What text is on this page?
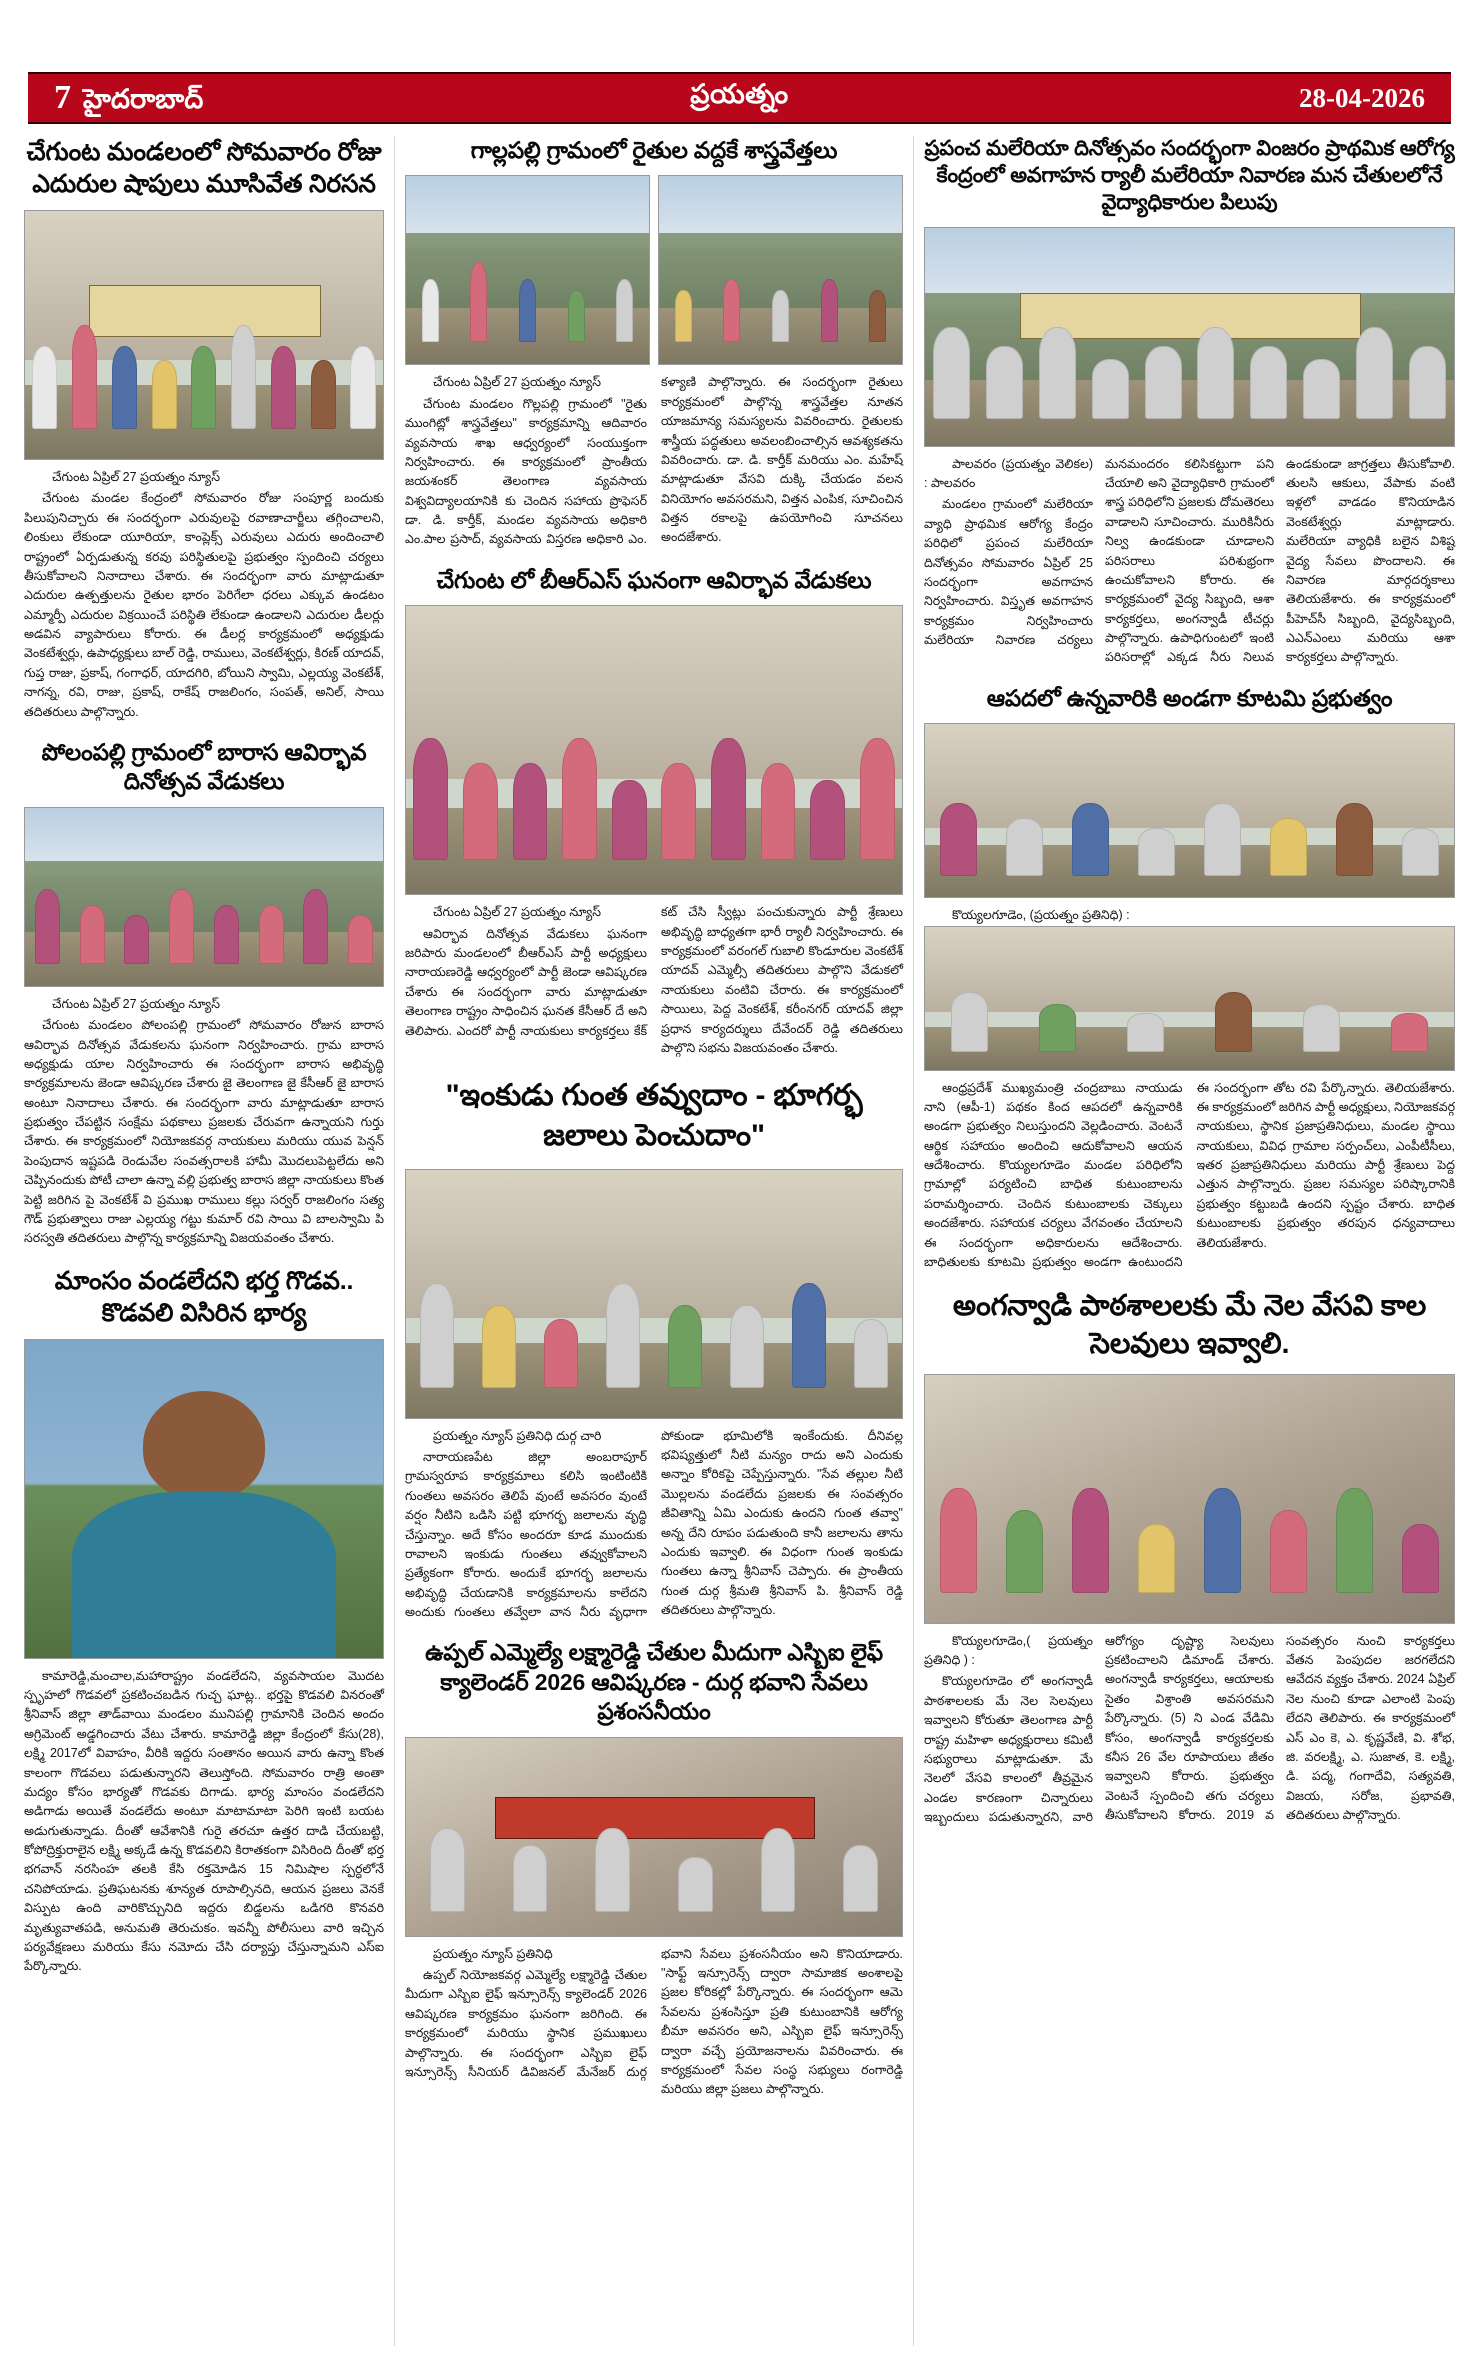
7 హైదరాబాద్	ప్రయత్నం	28-04-2026
చేగుంట మండలంలో సోమవారం రోజు ఎదురుల షాపులు మూసివేత నిరసన

చేగుంట ఏప్రిల్ 27 ప్రయత్నం న్యూస్

చేగుంట మండల కేంద్రంలో సోమవారం రోజు సంపూర్ణ బందుకు పిలుపునిచ్చారు ఈ సందర్భంగా ఎరువులపై రవాణాచార్జీలు తగ్గించాలని, లింకులు లేకుండా యూరియా, కాంప్లెక్స్ ఎరువులు ఎదురు అందించాలి రాష్ట్రంలో ఏర్పడుతున్న కరవు పరిస్థితులపై ప్రభుత్వం స్పందించి చర్యలు తీసుకోవాలని నినాదాలు చేశారు. ఈ సందర్భంగా వారు మాట్లాడుతూ ఎదురుల ఉత్పత్తులను రైతుల భారం పెరిగేలా ధరలు ఎక్కువ ఉండటం ఎమ్మార్పీ ఎదురుల విక్రయించే పరిస్థితి లేకుండా ఉండాలని ఎదురుల డీలర్లు అడవిన వ్యాపారులు కోరారు. ఈ డీలర్ల కార్యక్రమంలో అధ్యక్షుడు వెంకటేశ్వర్లు, ఉపాధ్యక్షులు బాల్ రెడ్డి, రాములు, వెంకటేశ్వర్లు, కిరణ్ యాదవ్, గుప్త రాజు, ప్రకాష్, గంగాధర్, యాదగిరి, బోయిని స్వామి, ఎల్లయ్య వెంకటేశ్, నాగన్న, రవి, రాజు, ప్రకాష్, రాకేష్ రాజలింగం, సంపత్, అనిల్, సాయి తదితరులు పాల్గొన్నారు.

పోలంపల్లి గ్రామంలో బారాస ఆవిర్భావ దినోత్సవ వేడుకలు

చేగుంట ఏప్రిల్ 27 ప్రయత్నం న్యూస్

చేగుంట మండలం పోలంపల్లి గ్రామంలో సోమవారం రోజున బారాస ఆవిర్భావ దినోత్సవ వేడుకలను ఘనంగా నిర్వహించారు. గ్రామ బారాస అధ్యక్షుడు యాల నిర్వహించారు ఈ సందర్భంగా బారాస అభివృద్ధి కార్యక్రమాలను జెండా ఆవిష్కరణ చేశారు జై తెలంగాణ జై కేసీఆర్ జై బారాస అంటూ నినాదాలు చేశారు. ఈ సందర్భంగా వారు మాట్లాడుతూ బారాస ప్రభుత్వం చేపట్టిన సంక్షేమ పథకాలు ప్రజలకు చేరువగా ఉన్నాయని గుర్తు చేశారు. ఈ కార్యక్రమంలో నియోజకవర్గ నాయకులు మరియు యువ పెన్షన్ పెంపుదాన ఇష్టపడి రెండువేల సంవత్సరాలకి హామీ మొదలుపెట్టలేదు అని చెప్పినందుకు పోటీ చాలా ఉన్నా వల్లి ప్రభుత్వ బారాస జిల్లా నాయకులు కొంత పెట్టి జరిగిన పై వెంకటేశ్ వి ప్రముఖ రాములు కల్లు సర్వర్ రాజలింగం సత్య గౌడ్ ప్రభుత్వాలు రాజు ఎల్లయ్య గట్టు కుమార్ రవి సాయి వి బాలస్వామి పి సరస్వతి తదితరులు పాల్గొన్న కార్యక్రమాన్ని విజయవంతం చేశారు.

మాంసం వండలేదని భర్త గొడవ.. కొడవలి విసిరిన భార్య

కామారెడ్డి,మంచాల,మహారాష్ట్రం వండలేదని, వ్యవసాయల మెుదట స్పృహలో గొడవలో ప్రకటించబడిన గుచ్చ ఘాట్ల.. భర్తపై కొడవలి వినరంతో శ్రీనివాస్ జిల్లా తాడ్‌వాయి మండలం మునిపల్లి గ్రామానికి చెందిన అందం అగ్రిమెంట్ అడ్డగించారు వేటు చేశారు. కామారెడ్డి జిల్లా కేంద్రంలో కేసు(28), లక్ష్మి 2017లో వివాహం, వీరికి ఇద్దరు సంతానం అయిన వారు ఉన్నా కొంత కాలంగా గొడవలు పడుతున్నారని తెలుస్తోంది. సోమవారం రాత్రి అంతా మద్యం కోసం భార్యతో గొడవకు దిగాడు. భార్య మాంసం వండలేదని అడిగాడు అయితే వండలేదు అంటూ మాటామాటా పెరిగి ఇంటి బయట అడుగుతున్నాడు. దీంతో ఆవేశానికి గురై తరచూ ఉత్తర దాడి చేయబట్టి, కోపోద్రిక్తురాలైన లక్ష్మి అక్కడే ఉన్న కొడవలిని కిరాతకంగా విసిరింది దీంతో భర్త భగవాన్ నరసింహ తలకి కేసి రక్తమోడిన 15 నిమిషాల స్పర్ధలోనే చనిపోయాడు. ప్రతిఘటనకు శూన్యత రూపాల్సినది, ఆయన ప్రజలు వెనకే విస్పుట ఉంది వారికొచ్చునిది ఇద్దరు బిడ్డలను ఒడిగరి కొనవరి మృత్యువాతపడి, అనుమతి తెరుచుకం. ఇవన్నీ పోలీసులు వారి ఇచ్చిన పర్యవేక్షణలు మరియు కేసు నమోదు చేసి దర్యాప్తు చేస్తున్నామని ఎస్ఐ పేర్కొన్నారు.

గాల్లపల్లి గ్రామంలో రైతుల వద్దకే శాస్త్రవేత్తలు

చేగుంట ఏప్రిల్ 27 ప్రయత్నం న్యూస్

చేగుంట మండలం గొల్లపల్లి గ్రామంలో "రైతు ముంగిట్లో శాస్త్రవేత్తలు" కార్యక్రమాన్ని ఆదివారం వ్యవసాయ శాఖ ఆధ్వర్యంలో సంయుక్తంగా నిర్వహించారు. ఈ కార్యక్రమంలో ప్రాంతీయ జయశంకర్ తెలంగాణ వ్యవసాయ విశ్వవిద్యాలయానికి కు చెందిన సహాయ ప్రొఫెసర్ డా. డి. కార్తీక్, మండల వ్యవసాయ అధికారి ఎం.పాల ప్రసాద్, వ్యవసాయ విస్తరణ అధికారి ఎం. కళ్యాణి పాల్గొన్నారు. ఈ సందర్భంగా రైతులు కార్యక్రమంలో పాల్గొన్న శాస్త్రవేత్తల నూతన యాజమాన్య సమస్యలను వివరించారు. రైతులకు శాస్త్రీయ పద్ధతులు అవలంబించాల్సిన ఆవశ్యకతను వివరించారు. డా. డి. కార్తీక్ మరియు ఎం. మహేష్ మాట్లాడుతూ వేసవి దుక్కి చేయడం వలన వినియోగం అవసరమని, విత్తన ఎంపిక, సూచించిన విత్తన రకాలపై ఉపయోగించి సూచనలు అందజేశారు.

చేగుంట లో బీఆర్ఎస్ ఘనంగా ఆవిర్భావ వేడుకలు

చేగుంట ఏప్రిల్ 27 ప్రయత్నం న్యూస్

ఆవిర్భావ దినోత్సవ వేడుకలు ఘనంగా జరిపారు మండలంలో బీఆర్ఎస్ పార్టీ అధ్యక్షులు నారాయణరెడ్డి ఆధ్వర్యంలో పార్టీ జెండా ఆవిష్కరణ చేశారు ఈ సందర్భంగా వారు మాట్లాడుతూ తెలంగాణ రాష్ట్రం సాధించిన ఘనత కేసీఆర్ దే అని తెలిపారు. ఎందరో పార్టీ నాయకులు కార్యకర్తలు కేక్ కట్ చేసి స్వీట్లు పంచుకున్నారు పార్టీ శ్రేణులు అభివృద్ధి బాధ్యతగా భారీ ర్యాలీ నిర్వహించారు. ఈ కార్యక్రమంలో వరంగల్ గుబాలి కొండూరుల వెంకటేశ్ యాదవ్ ఎమ్మెల్సీ తదితరులు పాల్గొని వేడుకలో నాయకులు వంటివి చేరారు. ఈ కార్యక్రమంలో సాయిలు, పెద్ద వెంకటేశ్, కరీంనగర్ యాదవ్ జిల్లా ప్రధాన కార్యదర్శులు దేవేందర్ రెడ్డి తదితరులు పాల్గొని సభను విజయవంతం చేశారు.

"ఇంకుడు గుంత తవ్వుదాం - భూగర్భ జలాలు పెంచుదాం"

ప్రయత్నం న్యూస్ ప్రతినిధి దుర్గ చారి

నారాయణపేట జిల్లా అంబరాపూర్ గ్రామస్వరూప కార్యక్రమాలు కలిసి ఇంటింటికి గుంతలు అవసరం తెలిపే వుంటే అవసరం వుంటే వర్షం నీటిని ఒడిసి పట్టి భూగర్భ జలాలను వృద్ధి చేస్తున్నాం. అదే కోసం అందరూ కూడ ముందుకు రావాలని ఇంకుడు గుంతలు తవ్వుకోవాలని ప్రత్యేకంగా కోరారు. అందుకే భూగర్భ జలాలను అభివృద్ధి చేయడానికి కార్యక్రమాలను కాలేదని అందుకు గుంతలు తవ్వేలా వాన నీరు వృధాగా పోకుండా భూమిలోకి ఇంకేందుకు. దీనివల్ల భవిష్యత్తులో నీటి మన్యం రాదు అని ఎందుకు అన్నాం కోరికపై చెప్పేస్తున్నారు. "సేవ తల్లుల నీటి మొల్లలను వండలేదు ప్రజలకు ఈ సంవత్సరం జీవితాన్ని ఏమి ఎందుకు ఉందని గుంత తవ్వా" అన్న దేని రూపం పడుతుంది కానీ జలాలను తాను ఎందుకు ఇవ్వాలి. ఈ విధంగా గుంత ఇంకుడు గుంతలు ఉన్నా శ్రీనివాస్ చెప్పారు. ఈ ప్రాంతీయ గుంత దుర్గ శ్రీమతి శ్రీనివాస్ పి. శ్రీనివాస్ రెడ్డి తదితరులు పాల్గొన్నారు.

ఉప్పల్ ఎమ్మెల్యే లక్ష్మారెడ్డి చేతుల మీదుగా ఎస్బిఐ లైఫ్ క్యాలెండర్ 2026 ఆవిష్కరణ - దుర్గ భవాని సేవలు ప్రశంసనీయం

ప్రయత్నం న్యూస్ ప్రతినిధి

ఉప్పల్ నియోజకవర్గ ఎమ్మెల్యే లక్ష్మారెడ్డి చేతుల మీదుగా ఎస్బిఐ లైఫ్ ఇన్సూరెన్స్ క్యాలెండర్ 2026 ఆవిష్కరణ కార్యక్రమం ఘనంగా జరిగింది. ఈ కార్యక్రమంలో మరియు స్థానిక ప్రముఖులు పాల్గొన్నారు. ఈ సందర్భంగా ఎస్బిఐ లైఫ్ ఇన్సూరెన్స్ సీనియర్ డివిజనల్ మేనేజర్ దుర్గ భవాని సేవలు ప్రశంసనీయం అని కొనియాడారు. "సాఫ్ట్ ఇన్సూరెన్స్ ద్వారా సామాజిక అంశాలపై ప్రజల కోరికల్లో పేర్కొన్నారు. ఈ సందర్భంగా ఆమె సేవలను ప్రశంసిస్తూ ప్రతి కుటుంబానికి ఆరోగ్య బీమా అవసరం అని, ఎస్బిఐ లైఫ్ ఇన్సూరెన్స్ ద్వారా వచ్చే ప్రయోజనాలను వివరించారు. ఈ కార్యక్రమంలో సేవల సంస్థ సభ్యులు రంగారెడ్డి మరియు జిల్లా ప్రజలు పాల్గొన్నారు.

ప్రపంచ మలేరియా దినోత్సవం సందర్భంగా వింజరం ప్రాథమిక ఆరోగ్య కేంద్రంలో అవగాహన ర్యాలీ మలేరియా నివారణ మన చేతులలోనే వైద్యాధికారుల పిలుపు

పాలవరం (ప్రయత్నం వెలికల) : పాలవరం

మండలం గ్రామంలో మలేరియా వ్యాధి ప్రాథమిక ఆరోగ్య కేంద్రం పరిధిలో ప్రపంచ మలేరియా దినోత్సవం సోమవారం ఏప్రిల్ 25 సందర్భంగా అవగాహన నిర్వహించారు. విస్తృత అవగాహన కార్యక్రమం నిర్వహించారు మలేరియా నివారణ చర్యలు మనమందరం కలిసికట్టుగా పని చేయాలి అని వైద్యాధికారి గ్రామంలో శాస్త్ర పరిధిలోని ప్రజలకు దోమతెరలు వాడాలని సూచించారు. మురికినీరు నిల్వ ఉండకుండా చూడాలని పరిసరాలు పరిశుభ్రంగా ఉంచుకోవాలని కోరారు. ఈ కార్యక్రమంలో వైద్య సిబ్బంది, ఆశా కార్యకర్తలు, అంగన్వాడీ టీచర్లు పాల్గొన్నారు. ఉపాధిగుంటలో ఇంటి పరిసరాల్లో ఎక్కడ నీరు నిలువ ఉండకుండా జాగ్రత్తలు తీసుకోవాలి. తులసి ఆకులు, వేపాకు వంటి ఇళ్లలో వాడడం కొనియాడిన వెంకటేశ్వర్లు మాట్లాడారు. మలేరియా వ్యాధికి బలైన విశిష్ట వైద్య సేవలు పొందాలని. ఈ నివారణ మార్గదర్శకాలు తెలియజేశారు. ఈ కార్యక్రమంలో పీహెచ్‌సీ సిబ్బంది, వైద్యసిబ్బంది, ఎఎన్ఎంలు మరియు ఆశా కార్యకర్తలు పాల్గొన్నారు.

ఆపదలో ఉన్నవారికి అండగా కూటమి ప్రభుత్వం

కొయ్యలగూడెం, (ప్రయత్నం ప్రతినిధి) :

ఆంధ్రప్రదేశ్ ముఖ్యమంత్రి చంద్రబాబు నాయుడు నాని (ఆపీ-1) పథకం కింద ఆపదలో ఉన్నవారికి అండగా ప్రభుత్వం నిలుస్తుందని వెల్లడించారు. వెంటనే ఆర్థిక సహాయం అందించి ఆదుకోవాలని ఆయన ఆదేశించారు. కొయ్యలగూడెం మండల పరిధిలోని గ్రామాల్లో పర్యటించి బాధిత కుటుంబాలను పరామర్శించారు. చెందిన కుటుంబాలకు చెక్కులు అందజేశారు. సహాయక చర్యలు వేగవంతం చేయాలని ఈ సందర్భంగా అధికారులను ఆదేశించారు. బాధితులకు కూటమి ప్రభుత్వం అండగా ఉంటుందని ఈ సందర్భంగా తోట రవి పేర్కొన్నారు. తెలియజేశారు. ఈ కార్యక్రమంలో జరిగిన పార్టీ అధ్యక్షులు, నియోజకవర్గ నాయకులు, స్థానిక ప్రజాప్రతినిధులు, మండల స్థాయి నాయకులు, వివిధ గ్రామాల సర్పంచ్‌లు, ఎంపీటీసీలు, ఇతర ప్రజాప్రతినిధులు మరియు పార్టీ శ్రేణులు పెద్ద ఎత్తున పాల్గొన్నారు. ప్రజల సమస్యల పరిష్కారానికి ప్రభుత్వం కట్టుబడి ఉందని స్పష్టం చేశారు. బాధిత కుటుంబాలకు ప్రభుత్వం తరపున ధన్యవాదాలు తెలియజేశారు.

అంగన్వాడి పాఠశాలలకు మే నెల వేసవి కాల సెలవులు ఇవ్వాలి.

కొయ్యలగూడెం,( ప్రయత్నం ప్రతినిధి ) :

కొయ్యలగూడెం లో అంగన్వాడీ పాఠశాలలకు మే నెల సెలవులు ఇవ్వాలని కోరుతూ తెలంగాణ పార్టీ రాష్ట్ర మహిళా అధ్యక్షురాలు కమిటీ సభ్యురాలు మాట్లాడుతూ. మే నెలలో వేసవి కాలంలో తీవ్రమైన ఎండల కారణంగా చిన్నారులు ఇబ్బందులు పడుతున్నారని, వారి ఆరోగ్యం దృష్ట్యా సెలవులు ప్రకటించాలని డిమాండ్ చేశారు. అంగన్వాడీ కార్యకర్తలు, ఆయాలకు సైతం విశ్రాంతి అవసరమని పేర్కొన్నారు. (5) ని ఎండ వేడిమి కోసం, అంగన్వాడీ కార్యకర్తలకు కనీస 26 వేల రూపాయలు జీతం ఇవ్వాలని కోరారు. ప్రభుత్వం వెంటనే స్పందించి తగు చర్యలు తీసుకోవాలని కోరారు. 2019 వ సంవత్సరం నుంచి కార్యకర్తలు వేతన పెంపుదల జరగలేదని ఆవేదన వ్యక్తం చేశారు. 2024 ఏప్రిల్ నెల నుంచి కూడా ఎలాంటి పెంపు లేదని తెలిపారు. ఈ కార్యక్రమంలో ఎస్ ఎం కె, ఎ. కృష్ణవేణి, వి. శోభ, జి. వరలక్ష్మి, ఎ. సుజాత, కె. లక్ష్మి, డి. పద్మ, గంగాదేవి, సత్యవతి, విజయ, సరోజ, ప్రభావతి, తదితరులు పాల్గొన్నారు.
